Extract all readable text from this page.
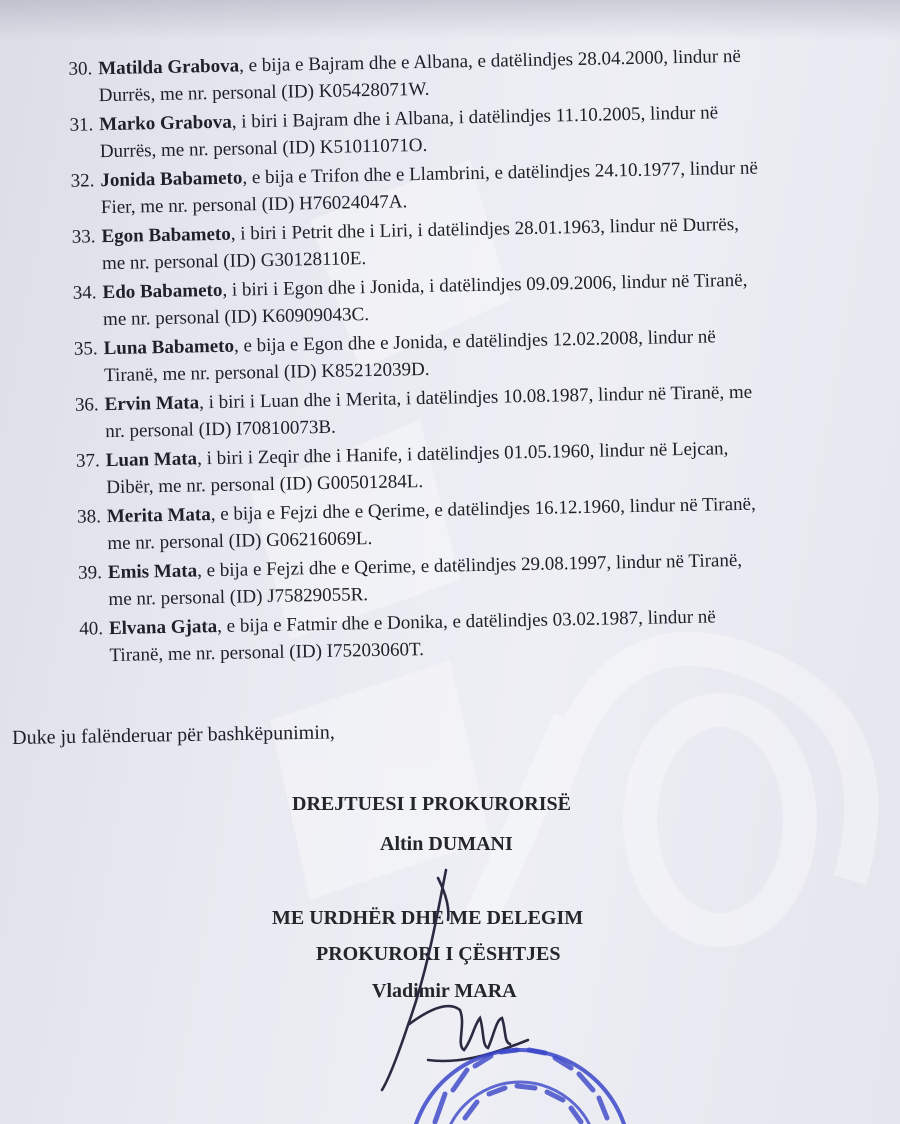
30. Matilda Grabova, e bija e Bajram dhe e Albana, e datëlindjes 28.04.2000, lindur në
Durrës, me nr. personal (ID) K05428071W.
31. Marko Grabova, i biri i Bajram dhe i Albana, i datëlindjes 11.10.2005, lindur në
Durrës, me nr. personal (ID) K51011071O.
32. Jonida Babameto, e bija e Trifon dhe e Llambrini, e datëlindjes 24.10.1977, lindur në
Fier, me nr. personal (ID) H76024047A.
33. Egon Babameto, i biri i Petrit dhe i Liri, i datëlindjes 28.01.1963, lindur në Durrës,
me nr. personal (ID) G30128110E.
34. Edo Babameto, i biri i Egon dhe i Jonida, i datëlindjes 09.09.2006, lindur në Tiranë,
me nr. personal (ID) K60909043C.
35. Luna Babameto, e bija e Egon dhe e Jonida, e datëlindjes 12.02.2008, lindur në
Tiranë, me nr. personal (ID) K85212039D.
36. Ervin Mata, i biri i Luan dhe i Merita, i datëlindjes 10.08.1987, lindur në Tiranë, me
nr. personal (ID) I70810073B.
37. Luan Mata, i biri i Zeqir dhe i Hanife, i datëlindjes 01.05.1960, lindur në Lejcan,
Dibër, me nr. personal (ID) G00501284L.
38. Merita Mata, e bija e Fejzi dhe e Qerime, e datëlindjes 16.12.1960, lindur në Tiranë,
me nr. personal (ID) G06216069L.
39. Emis Mata, e bija e Fejzi dhe e Qerime, e datëlindjes 29.08.1997, lindur në Tiranë,
me nr. personal (ID) J75829055R.
40. Elvana Gjata, e bija e Fatmir dhe e Donika, e datëlindjes 03.02.1987, lindur në
Tiranë, me nr. personal (ID) I75203060T.
Duke ju falënderuar për bashkëpunimin,
DREJTUESI I PROKURORISË
Altin DUMANI
ME URDHËR DHE ME DELEGIM
PROKURORI I ÇËSHTJES
Vladimir MARA
